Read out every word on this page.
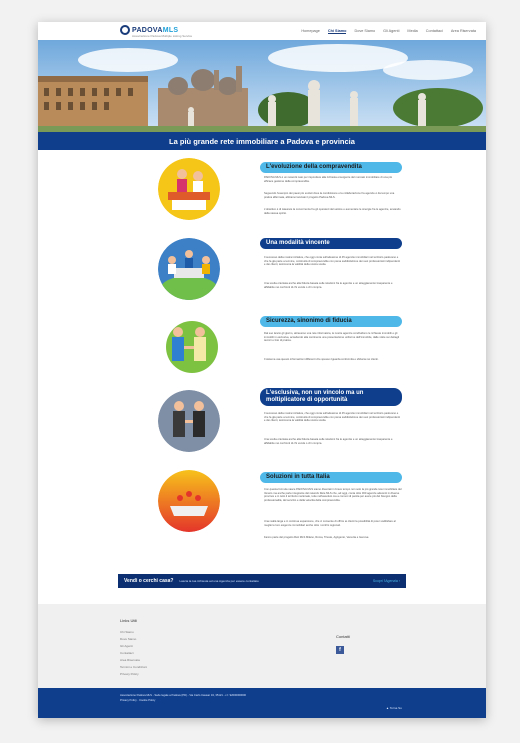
PADOVAMLS
Associazione Padova Multiple Listing Service
Homepage Chi Siamo Dove Siamo Gli Agenti Media Contattaci Area Riservata
La più grande rete immobiliare a Padova e provincia
L'evoluzione della compravendita

PADOVA MLS è un network nato per rispondere alla richiesta emergente del mercato immobiliare di una più efficace gestione della compravendita.

Seguendo l'esempio dei paesi più evoluti dove la condivisione e la collaborazione fra agenzie è da tempo una pratica affermata, abbiamo lanciato il progetto Padova MLS.

L'obiettivo è di istaurare la concorrenza fra gli operatori del settore e aumentare le sinergie fra le agenzie, avviando della stessa spirito.

Una modalità vincente

Il successo della nostra iniziativa, che oggi conta sull'adesione di 45 agenzie immobiliari nel territorio padovano e che fa già parte a termine, continuità di compravendite con piena soddisfazione dei suoi professionisti indipendenti e dei clienti, testimonia la validità della nostra scelta.

Una scelta orientata anche alla fiducia basata sulle relazioni fra le agenzie e un atteggiamento trasparente e affidabile nei confronti di chi vende o chi compra.

Sicurezza, sinonimo di fiducia

Dal suo lancio gli giorno, attraverso una rete informatica, le nostre agenzie condividono le richieste immobili e gli immobili in esclusiva, accedendo alla continente una presentazione uniforme dell'immobile, dalle visite sui dettagli tecnici e foto di pratica.

Il sistema usa questo informazioni differenti che spesso riguarda conformità e sfiducia nei clienti.

L'esclusiva, non un vincolo ma un moltiplicatore di opportunità

Il successo della nostra iniziativa, che oggi conta sull'adesione di 45 agenzie immobiliari nel territorio padovano e che fa già parte a termine, continuità di compravendite con piena soddisfazione dei suoi professionisti indipendenti e dei clienti, testimonia la validità della nostra scelta.

Una scelta orientata anche alla fiducia basata sulle relazioni fra le agenzie e un atteggiamento trasparente e affidabile nei confronti di chi vende o chi compra.

Soluzioni in tutta Italia

Con questa formula nasce PADOVA MLS siamo diventati in breve tempo non solo la più grande rete immobiliare del Veneto ma anche parte integrante del network Rete MLS che, ad oggi, conta oltre 300 agenzie aderenti in diverse province e in tutto il territorio nazionale, tutte nell'assoluto ma a comuni di parola per avere più del bisogno della professionalità, del servizio e della velocità della compravendita.

Una realtà larga e in continua espansione, che ci consente di offrire ai clienti la possibilità di poter soddisfare al meglio le loro esigenze immobiliari anche oltre i confini regionali.

Fanno parte del progetto Reti MLS Milano, Roma, Trieste, Agrigento, Venezia e Genova

Vendi o cerchi casa? Lascia la tua richiesta ad una Agenzia per essere contattato	Scopri l'Agenzia ›
Links Utili
Chi Siamo
Dove Siamo
Gli Agenti
Contattaci
Area Riservata
Termini e Condizioni
Privacy Policy
Contatti
f
Associazione Padova MLS - Sede legale a Padova (PD) - Via Carlo Cassan 34, 35121 - c.f. 92000000000
Privacy Policy · Cookie Policy
▲ Torna Su
